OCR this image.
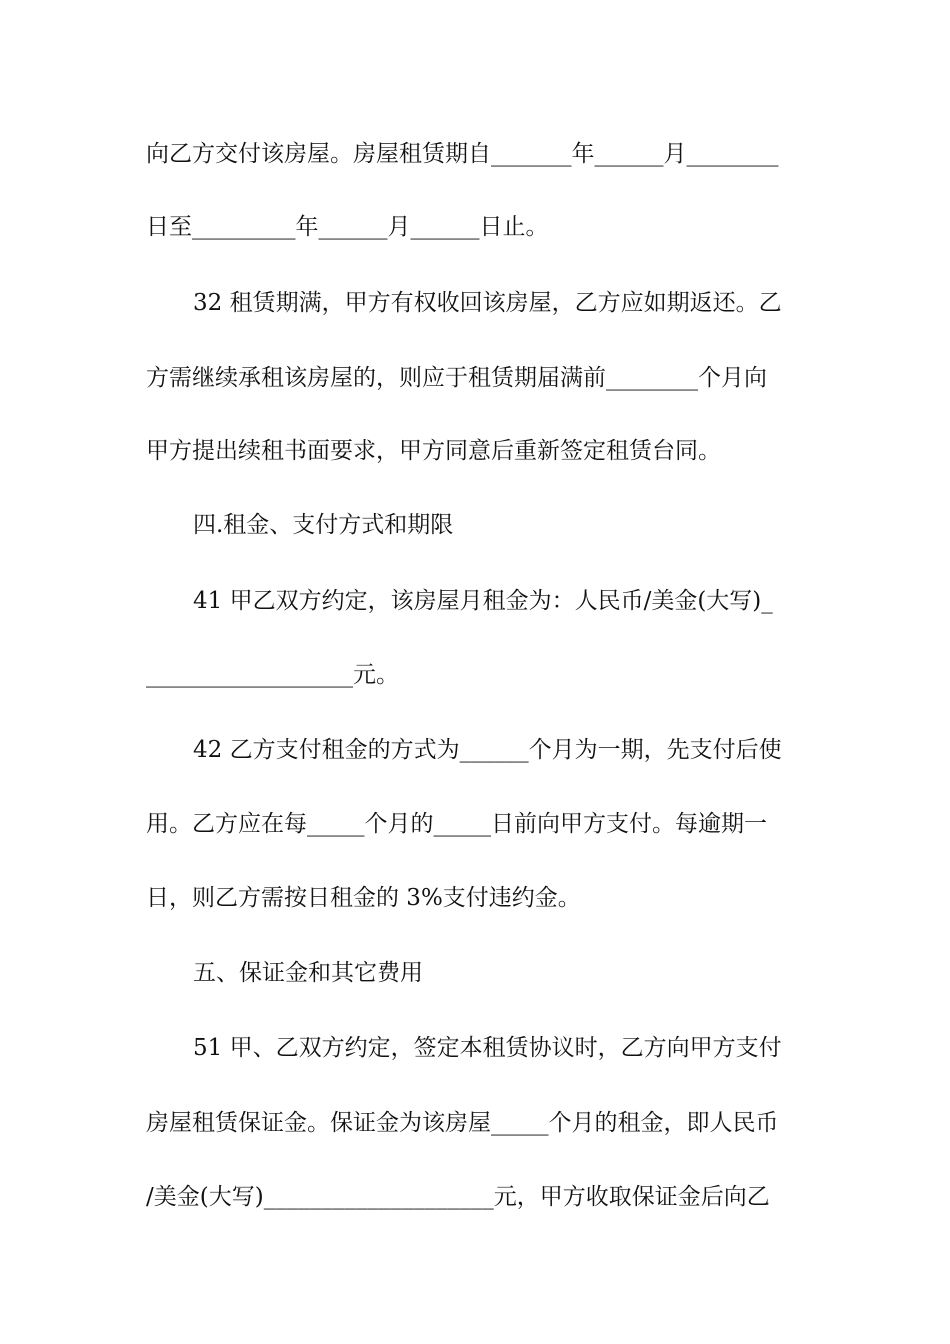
向乙方交付该房屋。房屋租赁期自_______年______月________
日至_________年______月______日止。
32 租赁期满，甲方有权收回该房屋，乙方应如期返还。乙
方需继续承租该房屋的，则应于租赁期届满前________个月向
甲方提出续租书面要求，甲方同意后重新签定租赁台同。
四.租金、支付方式和期限
41 甲乙双方约定，该房屋月租金为：人民币/美金(大写)_
__________________元。
42 乙方支付租金的方式为______个月为一期，先支付后使
用。乙方应在每_____个月的_____日前向甲方支付。每逾期一
日，则乙方需按日租金的 3%支付违约金。
五、保证金和其它费用
51 甲、乙双方约定，签定本租赁协议时，乙方向甲方支付
房屋租赁保证金。保证金为该房屋_____个月的租金，即人民币
/美金(大写)____________________元，甲方收取保证金后向乙
